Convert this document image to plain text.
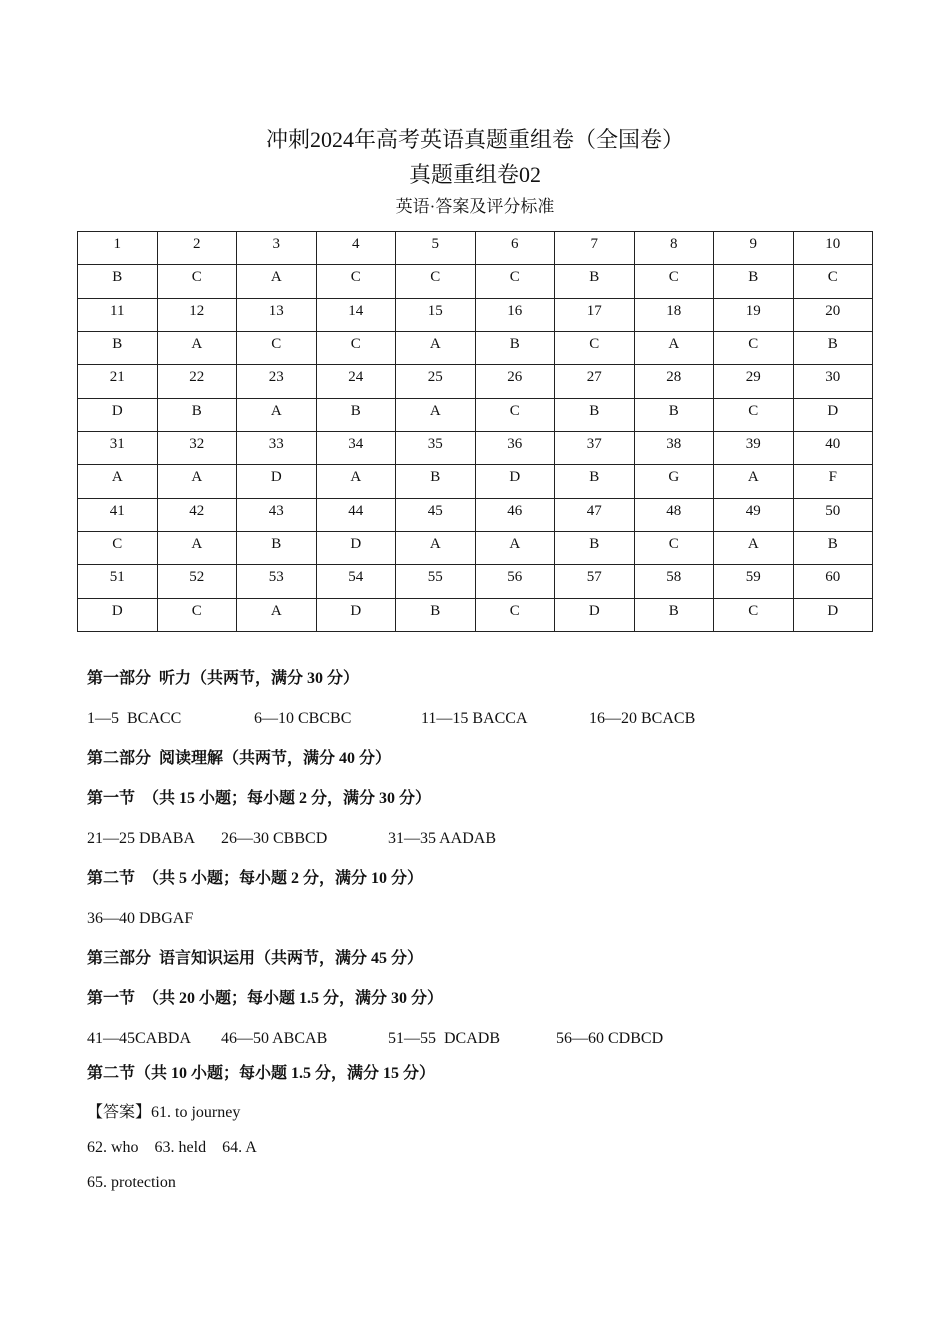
冲刺2024年高考英语真题重组卷（全国卷）
真题重组卷02
英语·答案及评分标准
1	2	3	4	5	6	7	8	9	10
B	C	A	C	C	C	B	C	B	C
11	12	13	14	15	16	17	18	19	20
B	A	C	C	A	B	C	A	C	B
21	22	23	24	25	26	27	28	29	30
D	B	A	B	A	C	B	B	C	D
31	32	33	34	35	36	37	38	39	40
A	A	D	A	B	D	B	G	A	F
41	42	43	44	45	46	47	48	49	50
C	A	B	D	A	A	B	C	A	B
51	52	53	54	55	56	57	58	59	60
D	C	A	D	B	C	D	B	C	D
第一部分  听力（共两节，满分 30 分）

1—5  BCACC

	6—10 CBCBC

	11—15 BACCA

	16—20 BCACB

第二部分  阅读理解（共两节，满分 40 分）
第一节  （共 15 小题；每小题 2 分，满分 30 分）

21—25 DBABA

26—30 CBBCD

	31—35 AADAB

第二节  （共 5 小题；每小题 2 分，满分 10 分）
36—40 DBGAF
第三部分  语言知识运用（共两节，满分 45 分）
第一节  （共 20 小题；每小题 1.5 分，满分 30 分）

41—45CABDA

46—50 ABCAB

	51—55  DCADB

	56—60 CDBCD

第二节（共 10 小题；每小题 1.5 分，满分 15 分）
【答案】61. to journey
62. who    63. held    64. A
65. protection
